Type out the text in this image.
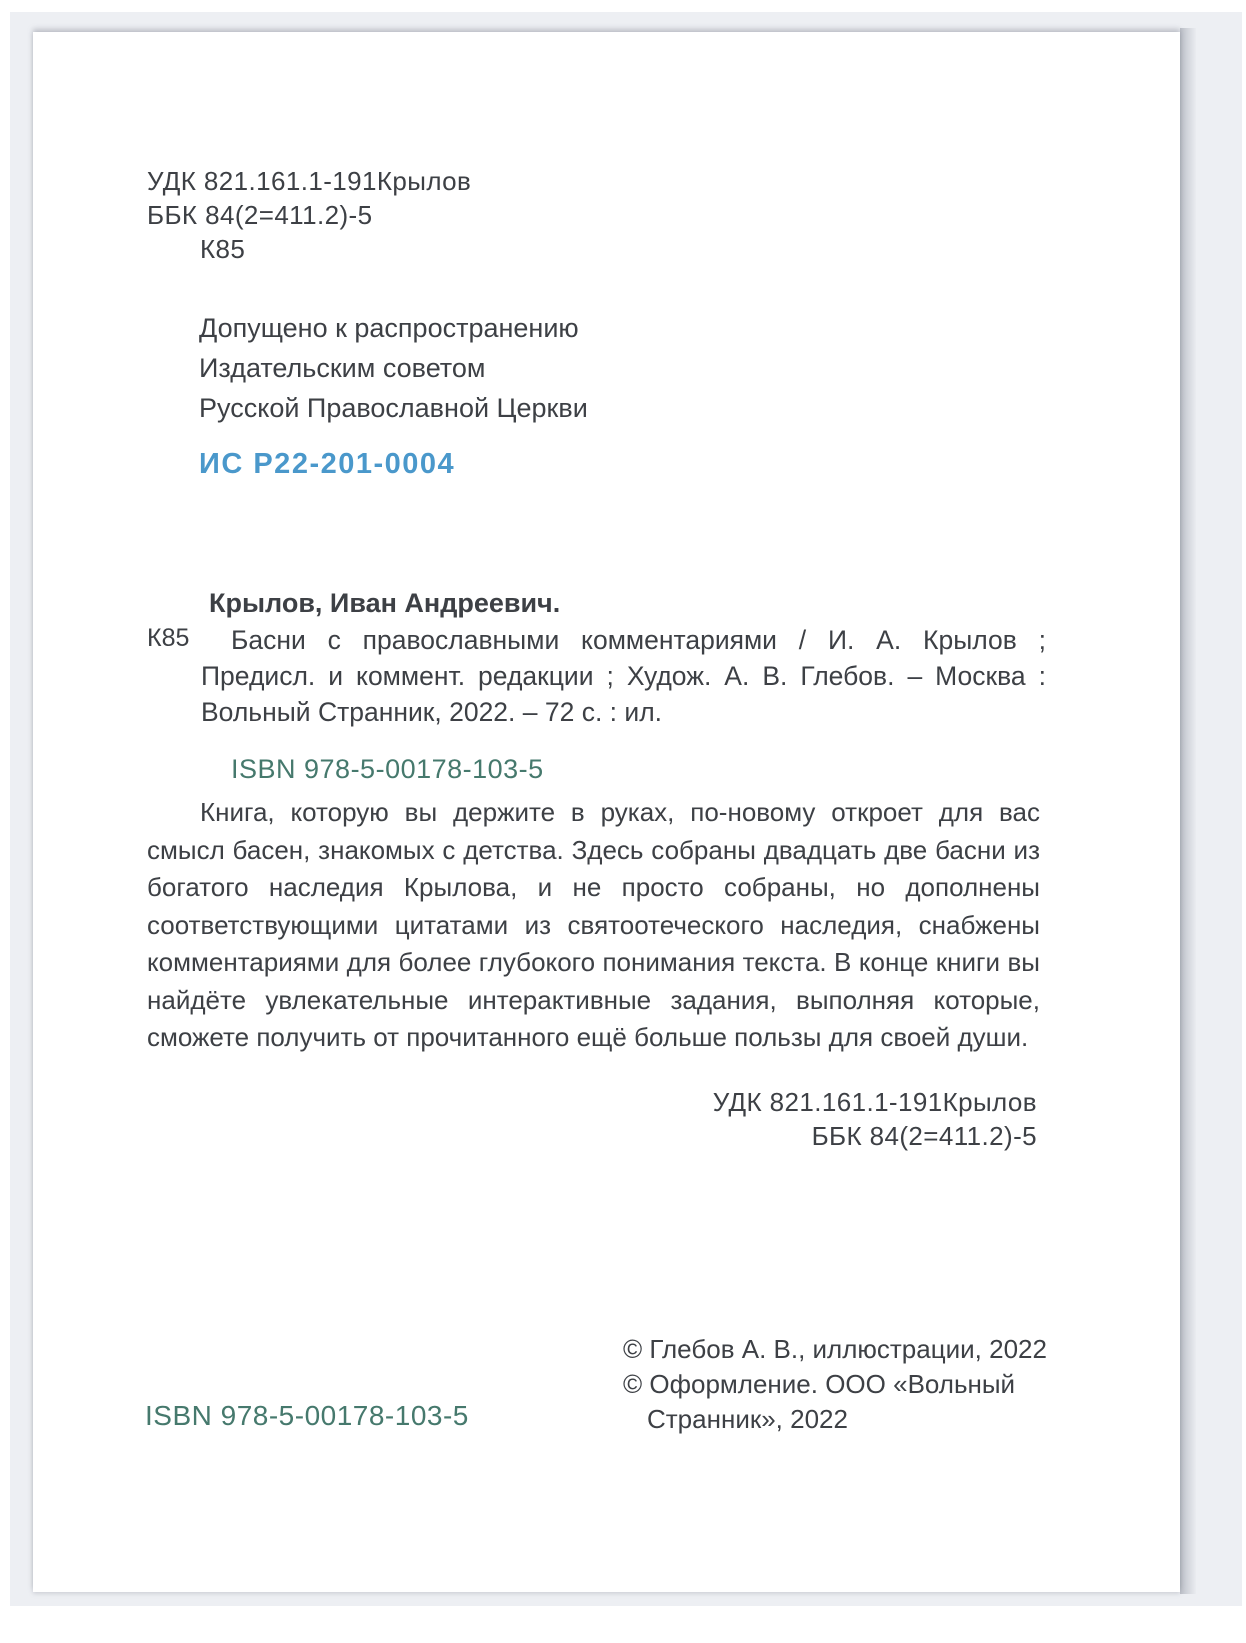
УДК 821.161.1-191Крылов
ББК 84(2=411.2)-5
К85
Допущено к распространению
Издательским советом
Русской Православной Церкви
ИС Р22-201-0004
Крылов, Иван Андреевич.
К85	Басни с православными комментариями / И. А. Крылов ; Предисл. и коммент. редакции ; Худож. А. В. Глебов. – Москва : Вольный Странник, 2022. – 72 с. : ил.
ISBN 978-5-00178-103-5
Книга, которую вы держите в руках, по-новому откроет для вас смысл басен, знакомых с детства. Здесь собраны двадцать две басни из богатого наследия Крылова, и не просто собраны, но дополнены соответствующими цитатами из святоотеческого наследия, снабжены комментариями для более глубокого понимания текста. В конце книги вы найдёте увлекательные интерактивные задания, выполняя которые, сможете получить от прочитанного ещё больше пользы для своей души.
УДК 821.161.1-191Крылов
ББК 84(2=411.2)-5
© Глебов А. В., иллюстрации, 2022
© Оформление. ООО «Вольный
Странник», 2022
ISBN 978-5-00178-103-5
